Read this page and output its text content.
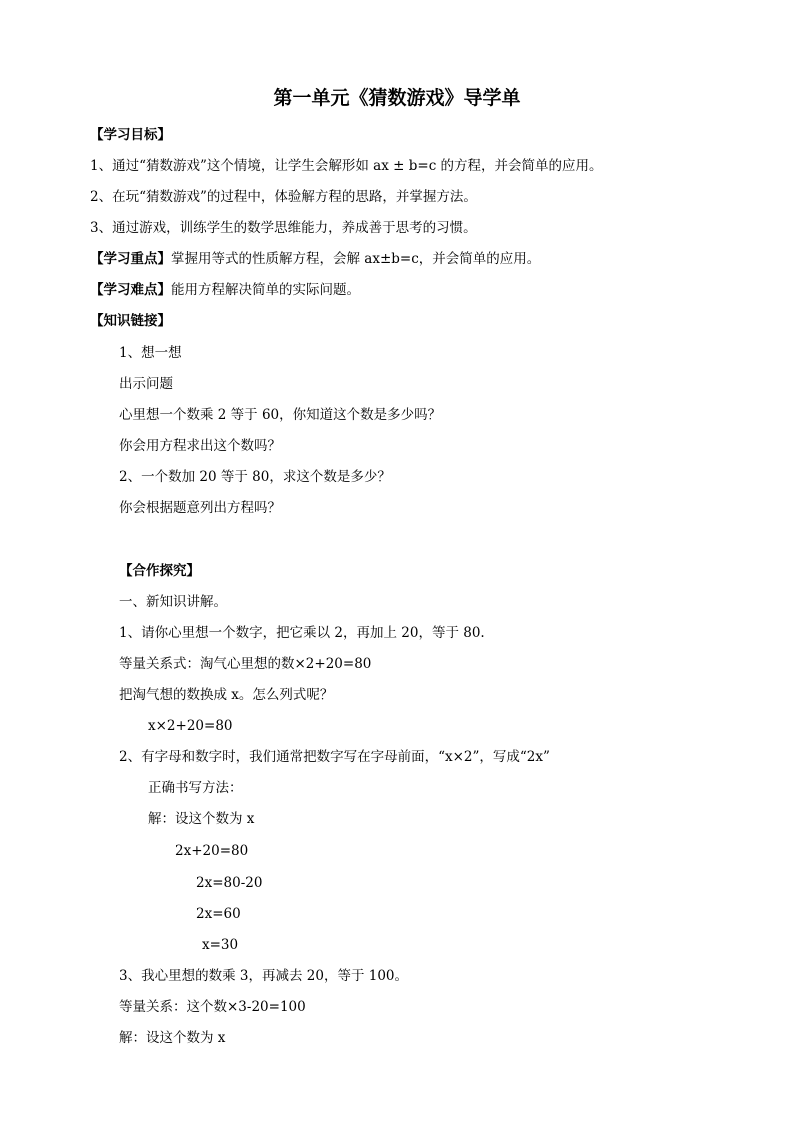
第一单元《猜数游戏》导学单
【学习目标】
1、通过“猜数游戏”这个情境，让学生会解形如 ax ± b=c 的方程，并会简单的应用。
2、在玩“猜数游戏”的过程中，体验解方程的思路，并掌握方法。
3、通过游戏，训练学生的数学思维能力，养成善于思考的习惯。
【学习重点】掌握用等式的性质解方程，会解 ax±b=c，并会简单的应用。
【学习难点】能用方程解决简单的实际问题。
【知识链接】
1、想一想
出示问题
心里想一个数乘 2 等于 60，你知道这个数是多少吗？
你会用方程求出这个数吗？
2、一个数加 20 等于 80，求这个数是多少？
你会根据题意列出方程吗？
【合作探究】
一、新知识讲解。
1、请你心里想一个数字，把它乘以 2，再加上 20，等于 80.
等量关系式：淘气心里想的数×2+20=80
把淘气想的数换成 x。怎么列式呢？
x×2+20=80
2、有字母和数字时，我们通常把数字写在字母前面，“x×2”，写成“2x”
正确书写方法：
解：设这个数为 x
2x+20=80
2x=80-20
2x=60
x=30
3、我心里想的数乘 3，再减去 20，等于 100。
等量关系：这个数×3-20=100
解：设这个数为 x
